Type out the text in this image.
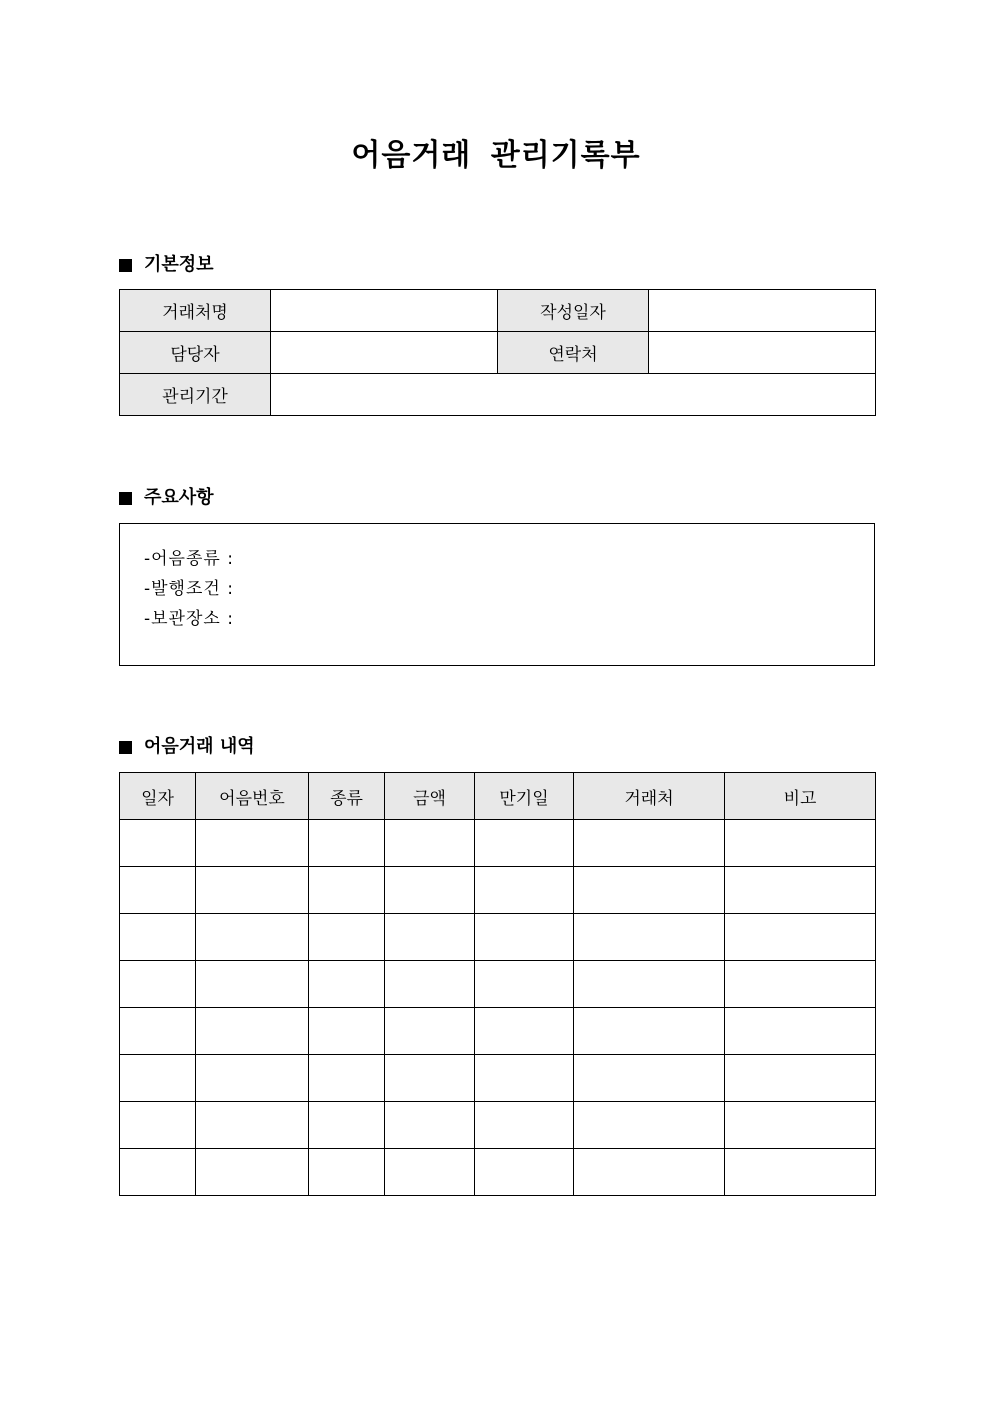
어음거래 관리기록부
기본정보
거래처명		작성일자	
담당자		연락처	
관리기간			
주요사항
-어음종류 :
-발행조건 :
-보관장소 :
어음거래 내역
일자	어음번호	종류	금액	만기일	거래처	비고
